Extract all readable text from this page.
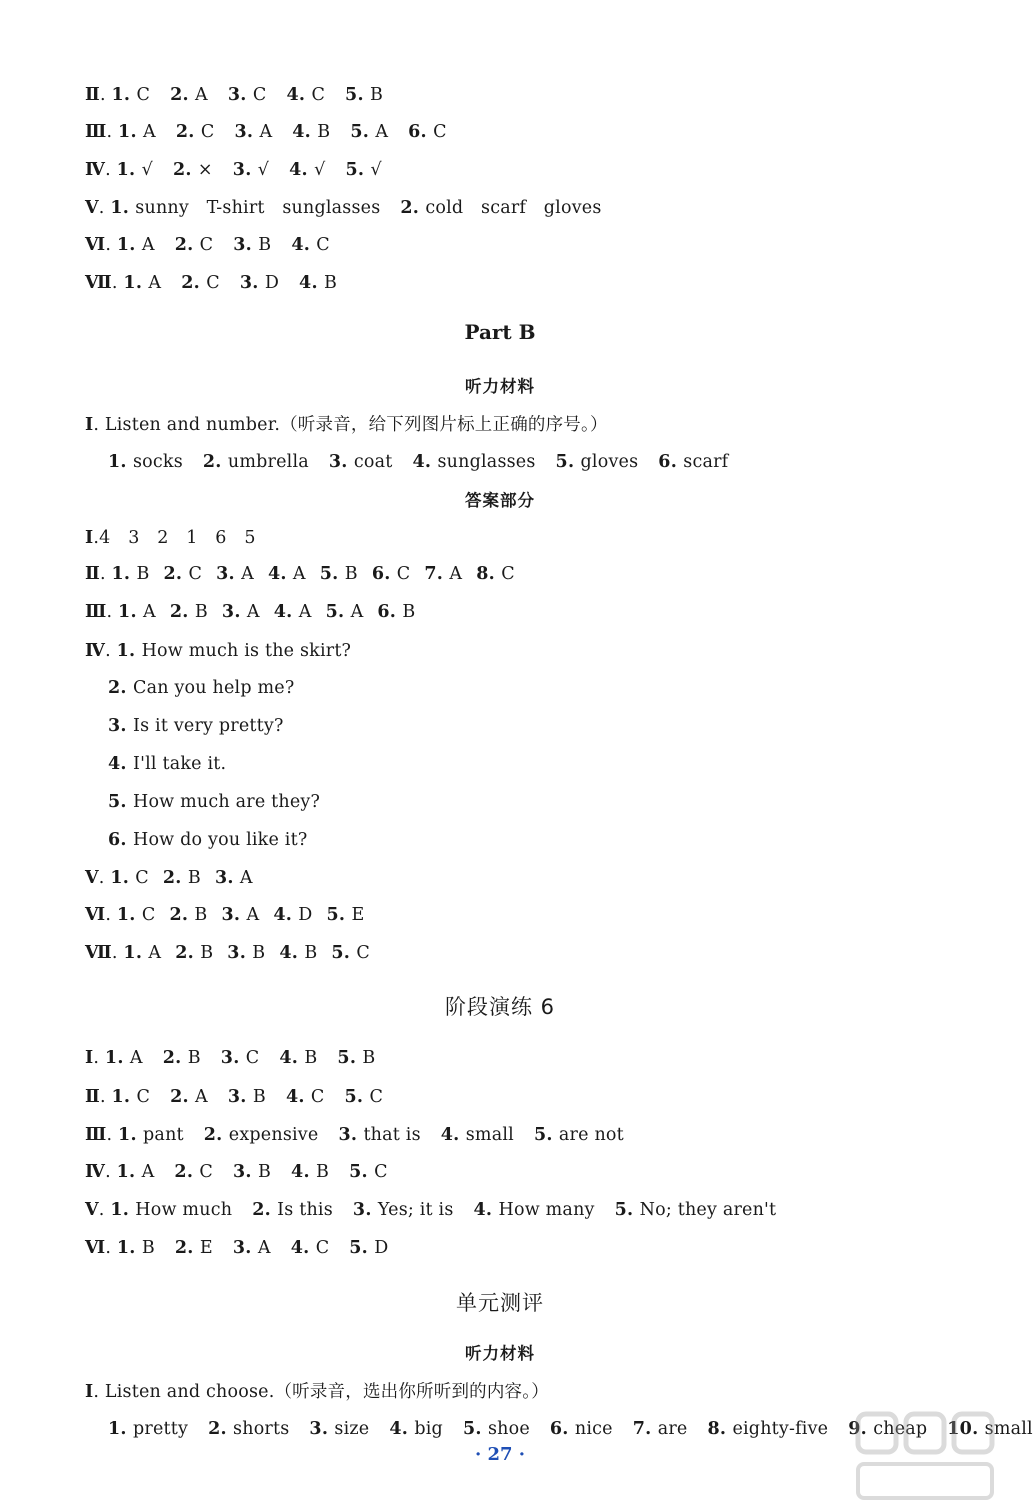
Ⅱ. 1. C 2. A 3. C 4. C 5. B
Ⅲ. 1. A 2. C 3. A 4. B 5. A 6. C
Ⅳ. 1. √ 2. × 3. √ 4. √ 5. √
Ⅴ. 1. sunny　T-shirt　sunglasses 2. cold　scarf　gloves
Ⅵ. 1. A 2. C 3. B 4. C
Ⅶ. 1. A 2. C 3. D 4. B
Part B
听力材料
Ⅰ. Listen and number.（听录音，给下列图片标上正确的序号。）
1. socks 2. umbrella 3. coat 4. sunglasses 5. gloves 6. scarf
答案部分
Ⅰ.4　3　2　1　6　5
Ⅱ. 1. B 2. C 3. A 4. A 5. B 6. C 7. A 8. C
Ⅲ. 1. A 2. B 3. A 4. A 5. A 6. B
Ⅳ. 1. How much is the skirt?
2. Can you help me?
3. Is it very pretty?
4. I'll take it.
5. How much are they?
6. How do you like it?
Ⅴ. 1. C 2. B 3. A
Ⅵ. 1. C 2. B 3. A 4. D 5. E
Ⅶ. 1. A 2. B 3. B 4. B 5. C
阶段演练 6
Ⅰ. 1. A 2. B 3. C 4. B 5. B
Ⅱ. 1. C 2. A 3. B 4. C 5. C
Ⅲ. 1. pant 2. expensive 3. that is 4. small 5. are not
Ⅳ. 1. A 2. C 3. B 4. B 5. C
Ⅴ. 1. How much 2. Is this 3. Yes; it is 4. How many 5. No; they aren't
Ⅵ. 1. B 2. E 3. A 4. C 5. D
单元测评
听力材料
Ⅰ. Listen and choose.（听录音，选出你所听到的内容。）
1. pretty 2. shorts 3. size 4. big 5. shoe 6. nice 7. are 8. eighty-five 9. cheap 10. small
· 27 ·
